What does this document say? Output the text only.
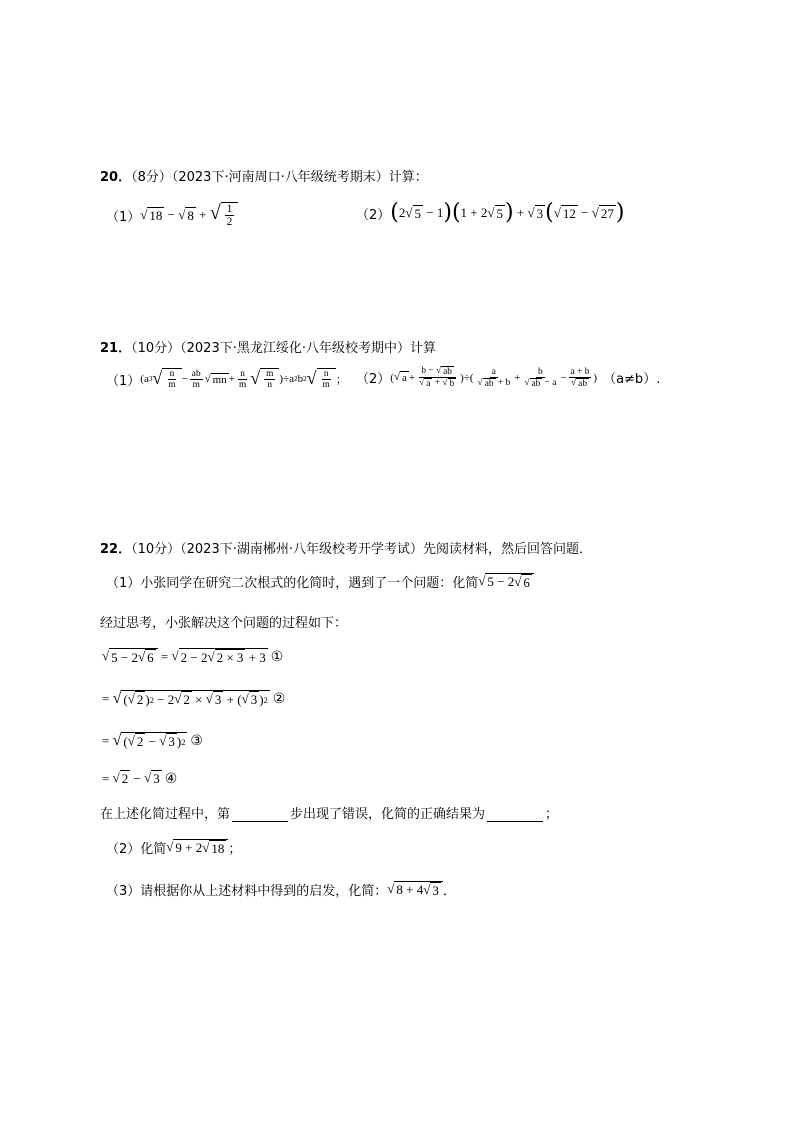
20．（8分）（2023下·河南周口·八年级统考期末）计算：
（1） √ 18 − √ 8 + √ $\frac{1}{2}$	（2） ( 2 √ 5 − 1 ) ( 1 + 2 √ 5 ) + √ 3 ( √ 12 − √ 27 )
21．（10分）（2023下·黑龙江绥化·八年级校考期中）计算
（1） (a 3 √ $\frac{n}{m} - \frac{ab}{m}$ √ mn + $\frac{n}{m}$ √ $\frac{m}{n} )\div a$ 2 b 2 √ $\frac{n}{m}$ ； （2） ( √ $a + \frac{b - √ ab}{√ a + √ b}$ )÷( $\frac{a}{√ ab + b} + \frac{b}{√ ab - a} - \frac{a + b}{√ ab}$ ) （a≠b）.
22．（10分）（2023下·湖南郴州·八年级校考开学考试）先阅读材料，然后回答问题．
（1）小张同学在研究二次根式的化简时，遇到了一个问题：化简 √ 5 − 2 √ 6
经过思考，小张解决这个问题的过程如下：
√ 5 − 2 √ 6 = √ 2 − 2 √ 2 × 3 + 3 ①
= √ ( √ 2 ) 2 − 2 √ 2 × √ 3 + ( √ 3 ) 2 ②
= √ ( √ 2 − √ 3 ) 2 ③
= √ 2 − √ 3 ④
在上述化简过程中，第	步出现了错误，化简的正确结果为	；
（2）化简 √ 9 + 2 √ 18 ；
（3）请根据你从上述材料中得到的启发，化简： √ 8 + 4 √ 3 ．
